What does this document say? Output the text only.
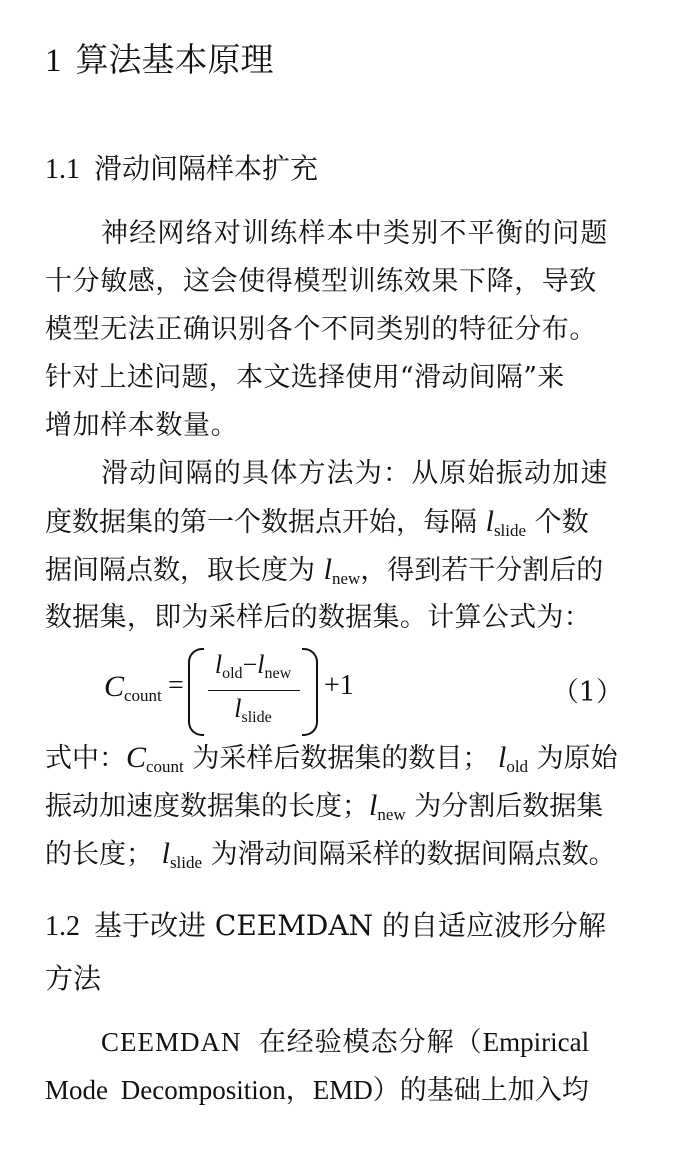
1 算法基本原理
1.1 滑动间隔样本扩充
神经网络对训练样本中类别不平衡的问题
十分敏感，这会使得模型训练效果下降，导致
模型无法正确识别各个不同类别的特征分布。
针对上述问题，本文选择使用“滑动间隔”来
增加样本数量。
滑动间隔的具体方法为：从原始振动加速
度数据集的第一个数据点开始，每隔 $l_{slide}$ 个数
据间隔点数，取长度为 $l_{new}$，得到若干分割后的
数据集，即为采样后的数据集。计算公式为：
$C_{count}$ =
$l_{old}-l_{new}$
$l_{slide}$
+1	（1）
式中：$C_{count}$ 为采样后数据集的数目； $l_{old}$ 为原始
振动加速度数据集的长度；$l_{new}$ 为分割后数据集
的长度； $l_{slide}$ 为滑动间隔采样的数据间隔点数。
1.2 基于改进 CEEMDAN 的自适应波形分解
方法
CEEMDAN 在经验模态分解（Empirical
Mode Decomposition，EMD）的基础上加入均
